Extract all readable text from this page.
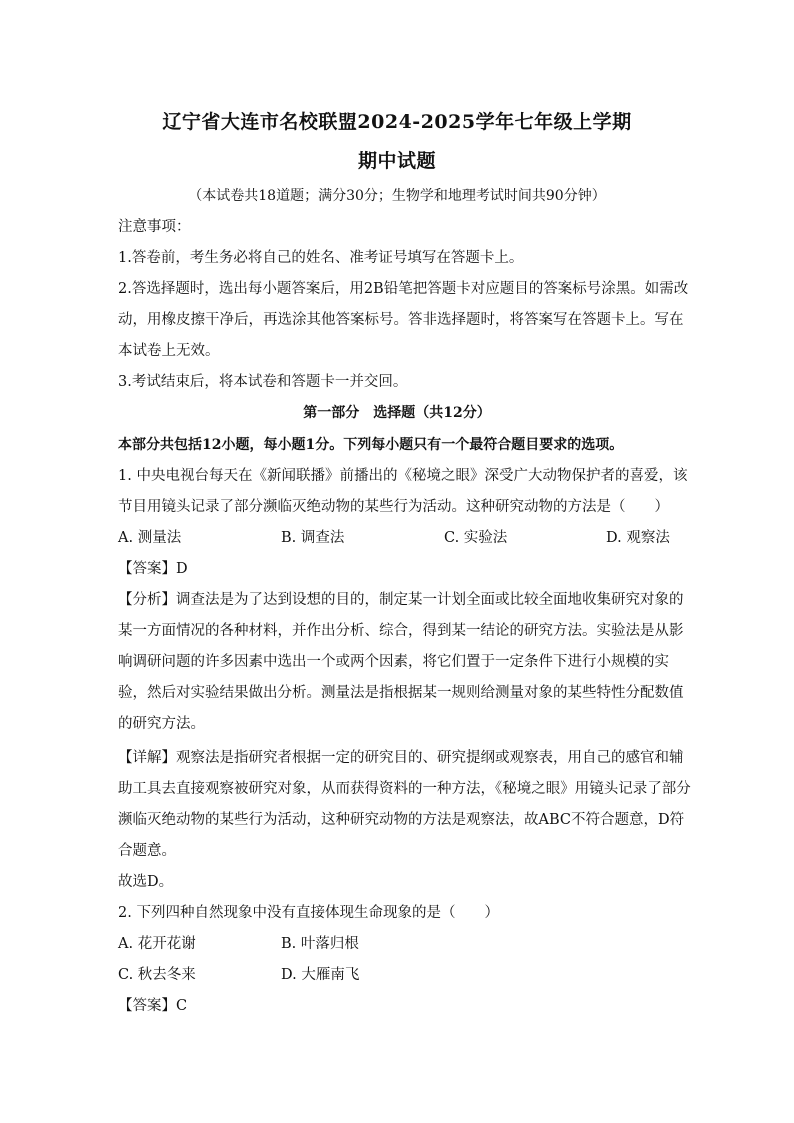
辽宁省大连市名校联盟2024-2025学年七年级上学期
期中试题
（本试卷共18道题；满分30分；生物学和地理考试时间共90分钟）
注意事项：
1.答卷前，考生务必将自己的姓名、准考证号填写在答题卡上。
2.答选择题时，选出每小题答案后，用2B铅笔把答题卡对应题目的答案标号涂黑。如需改
动，用橡皮擦干净后，再选涂其他答案标号。答非选择题时，将答案写在答题卡上。写在
本试卷上无效。
3.考试结束后，将本试卷和答题卡一并交回。
第一部分　选择题（共12分）
本部分共包括12小题，每小题1分。下列每小题只有一个最符合题目要求的选项。
1. 中央电视台每天在《新闻联播》前播出的《秘境之眼》深受广大动物保护者的喜爱，该
节目用镜头记录了部分濒临灭绝动物的某些行为活动。这种研究动物的方法是（　　）
A. 测量法	B. 调查法	C. 实验法	D. 观察法
【答案】D
【分析】调查法是为了达到设想的目的，制定某一计划全面或比较全面地收集研究对象的
某一方面情况的各种材料，并作出分析、综合，得到某一结论的研究方法。实验法是从影
响调研问题的许多因素中选出一个或两个因素，将它们置于一定条件下进行小规模的实
验，然后对实验结果做出分析。测量法是指根据某一规则给测量对象的某些特性分配数值
的研究方法。
【详解】观察法是指研究者根据一定的研究目的、研究提纲或观察表，用自己的感官和辅
助工具去直接观察被研究对象，从而获得资料的一种方法，《秘境之眼》用镜头记录了部分
濒临灭绝动物的某些行为活动，这种研究动物的方法是观察法，故ABC不符合题意，D符
合题意。
故选D。
2. 下列四种自然现象中没有直接体现生命现象的是（　　）
A. 花开花谢	B. 叶落归根
C. 秋去冬来	D. 大雁南飞
【答案】C
